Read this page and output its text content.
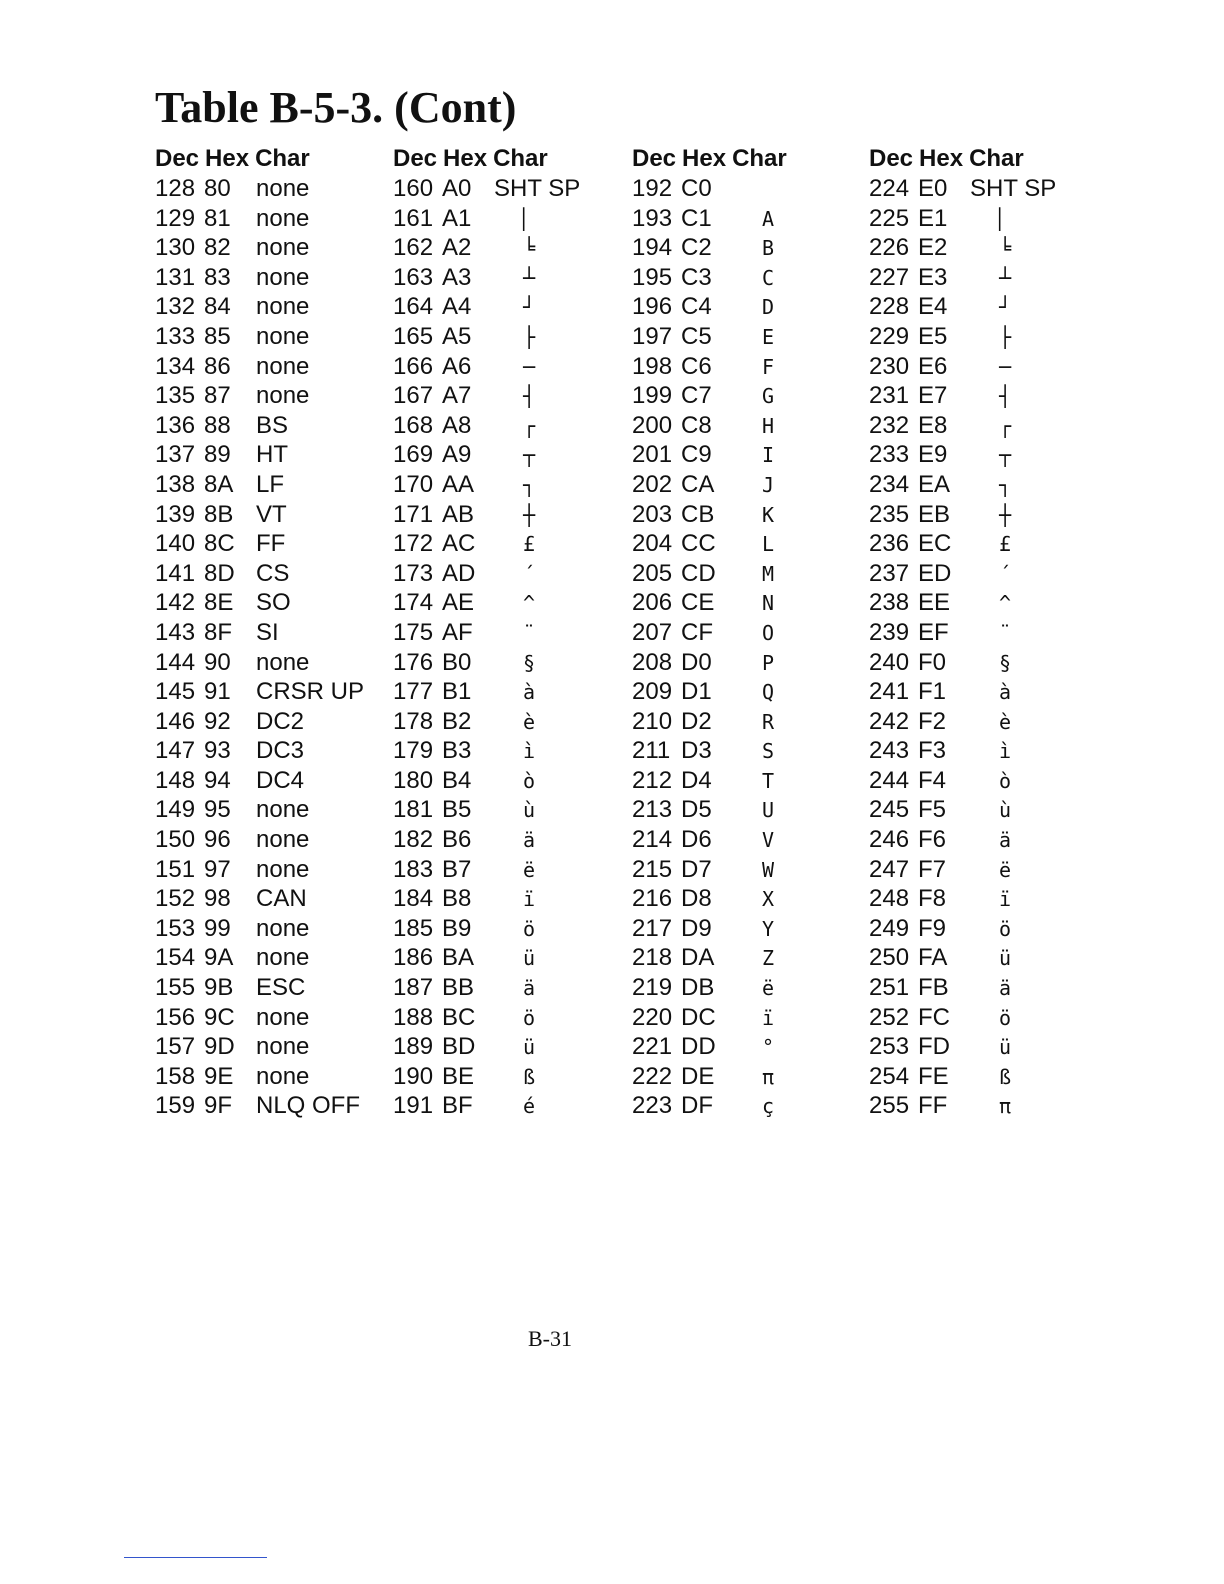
Table B-5-3. (Cont)
Dec Hex Char
128 80	none
129 81	none
130 82	none
131 83	none
132 84	none
133 85	none
134 86	none
135 87	none
136 88	BS
137 89	HT
138 8A LF
139 8B VT
140 8C FF
141 8D CS
142 8E SO
143 8F SI
144 90	none
145 91	CRSR UP
146 92	DC2
147 93	DC3
148 94	DC4
149 95	none
150 96	none
151 97	none
152 98	CAN
153 99	none
154 9A none
155 9B ESC
156 9C none
157 9D none
158 9E none
159 9F NLQ OFF
Dec Hex Char
160 A0 SHT SP
161 A1	▏
162 A2	╘
163 A3	┴
164 A4	┘
165 A5	├
166 A6	─
167 A7	┤
168 A8	┌
169 A9	┬
170 AA	┐
171 AB	┼
172 AC	£
173 AD	´
174 AE	^
175 AF	¨
176 B0	§
177 B1	à
178 B2	è
179 B3	ì
180 B4	ò
181 B5	ù
182 B6	ä
183 B7	ë
184 B8	ï
185 B9	ö
186 BA	ü
187 BB	ä
188 BC	ö
189 BD	ü
190 BE	ß
191 BF	é
Dec Hex Char
192 C0
193 C1	A
194 C2	B
195 C3	C
196 C4	D
197 C5	E
198 C6	F
199 C7	G
200 C8	H
201 C9	I
202 CA	J
203 CB	K
204 CC	L
205 CD	M
206 CE	N
207 CF	O
208 D0	P
209 D1	Q
210 D2	R
211 D3	S
212 D4	T
213 D5	U
214 D6	V
215 D7	W
216 D8	X
217 D9	Y
218 DA	Z
219 DB	ë
220 DC	ï
221 DD	°
222 DE	π
223 DF	ç
Dec Hex Char
224 E0 SHT SP
225 E1	▏
226 E2	╘
227 E3	┴
228 E4	┘
229 E5	├
230 E6	─
231 E7	┤
232 E8	┌
233 E9	┬
234 EA	┐
235 EB	┼
236 EC	£
237 ED	´
238 EE	^
239 EF	¨
240 F0	§
241 F1	à
242 F2	è
243 F3	ì
244 F4	ò
245 F5	ù
246 F6	ä
247 F7	ë
248 F8	ï
249 F9	ö
250 FA	ü
251 FB	ä
252 FC	ö
253 FD	ü
254 FE	ß
255 FF	π
B-31
